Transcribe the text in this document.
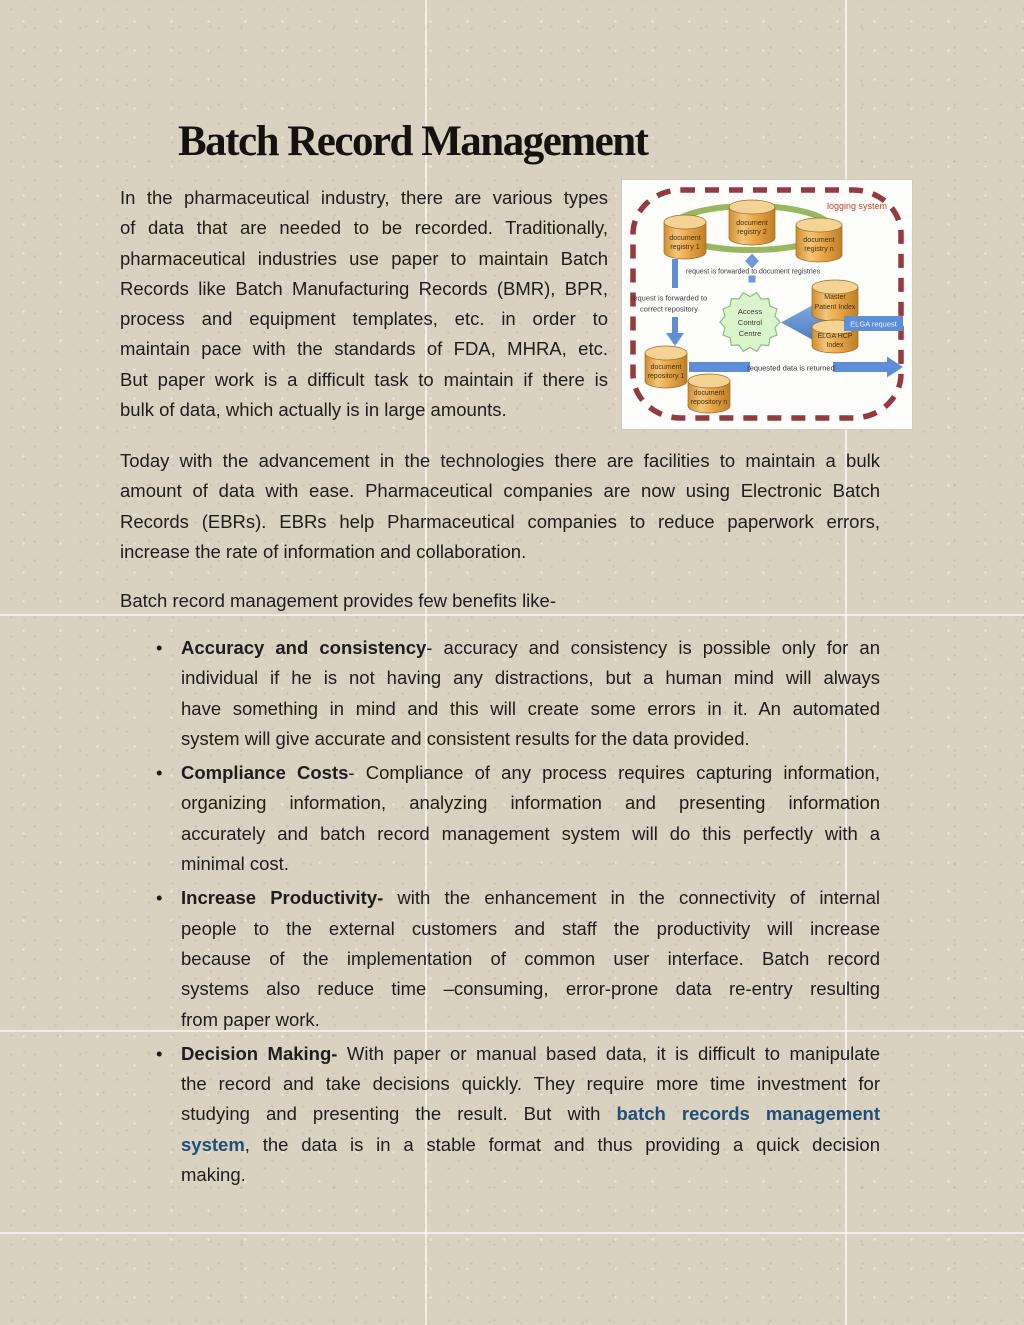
Batch Record Management
In the pharmaceutical industry, there are various types
of data that are needed to be recorded. Traditionally,
pharmaceutical industries use paper to maintain Batch
Records like Batch Manufacturing Records (BMR), BPR,
process and equipment templates, etc. in order to
maintain pace with the standards of FDA, MHRA, etc.
But paper work is a difficult task to maintain if there is
bulk of data, which actually is in large amounts.
logging system
document
registry 1
document
registry 2
document
registry n
Master
Patient Index
ELGA HCP
Index
document
repository 1
document
repository n
ELGA request
Access
Control
Centre
request is forwarded to document registries
request is forwarded to
correct repository
requested data is returned
Today with the advancement in the technologies there are facilities to maintain a bulk
amount of data with ease. Pharmaceutical companies are now using Electronic Batch
Records (EBRs). EBRs help Pharmaceutical companies to reduce paperwork errors,
increase the rate of information and collaboration.
Batch record management provides few benefits like-
• Accuracy and consistency- accuracy and consistency is possible only for an
individual if he is not having any distractions, but a human mind will always
have something in mind and this will create some errors in it. An automated
system will give accurate and consistent results for the data provided.
• Compliance Costs- Compliance of any process requires capturing information,
organizing information, analyzing information and presenting information
accurately and batch record management system will do this perfectly with a
minimal cost.
• Increase Productivity- with the enhancement in the connectivity of internal
people to the external customers and staff the productivity will increase
because of the implementation of common user interface. Batch record
systems also reduce time –consuming, error-prone data re-entry resulting
from paper work.
• Decision Making- With paper or manual based data, it is difficult to manipulate
the record and take decisions quickly. They require more time investment for
studying and presenting the result. But with batch records management
system, the data is in a stable format and thus providing a quick decision
making.
